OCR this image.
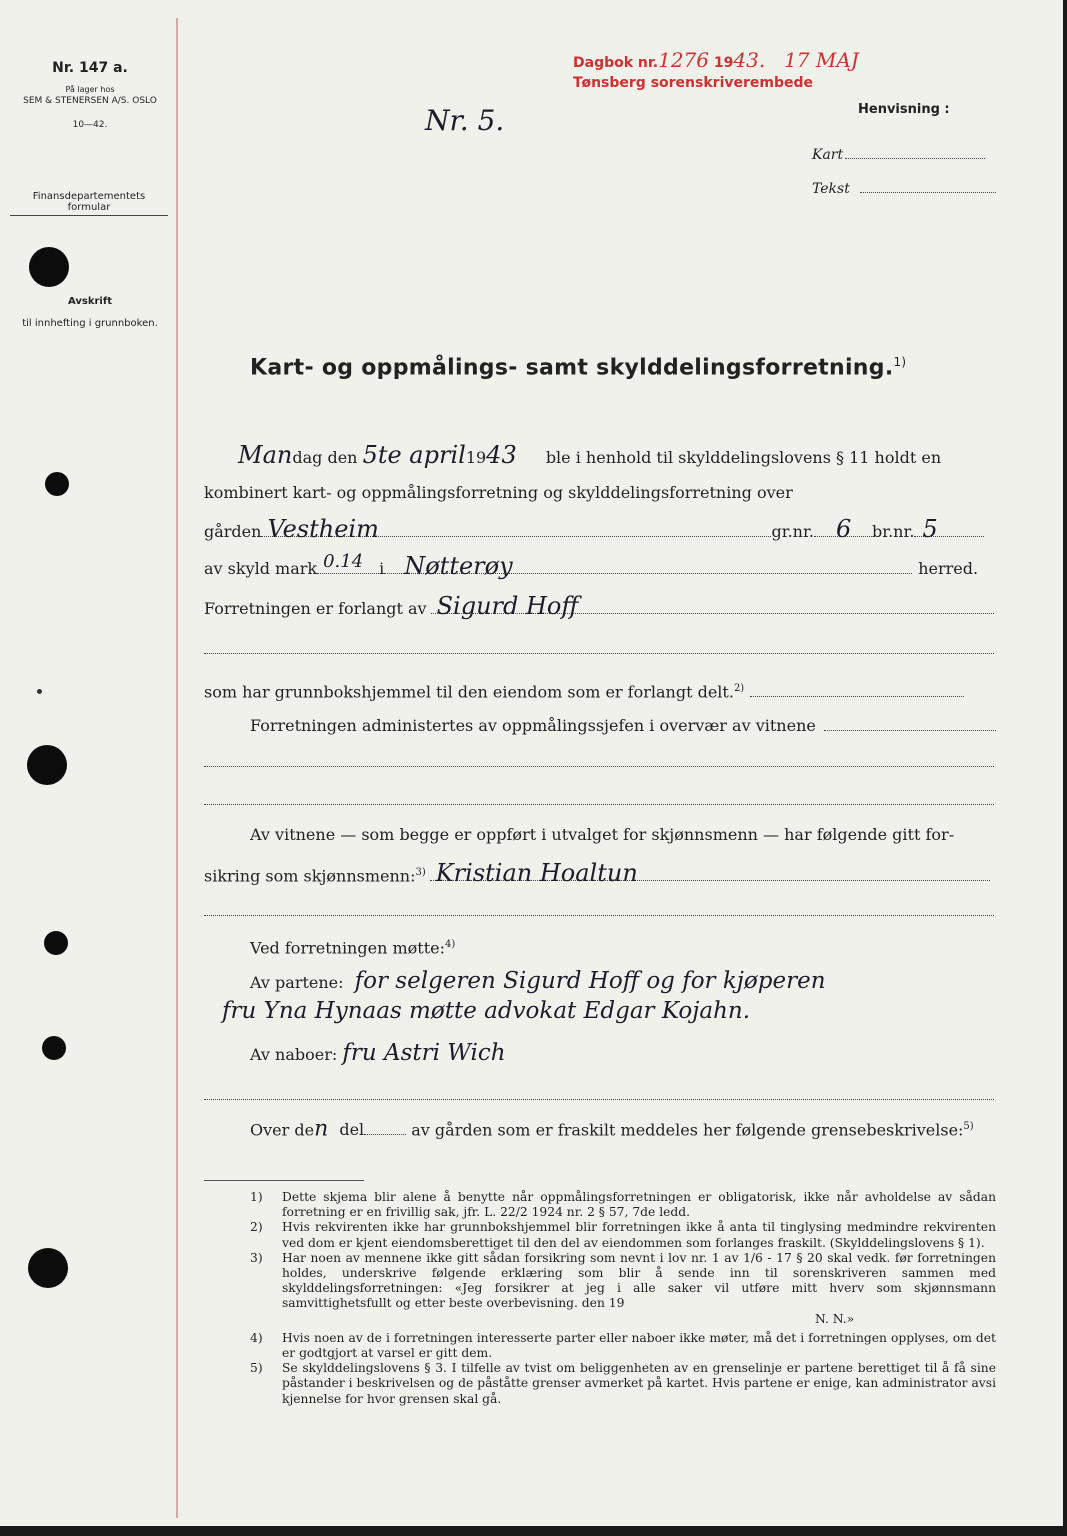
Nr. 147 a.
På lager hos
SEM & STENERSEN A/S. OSLO
10—42.
Finansdepartementets formular
Avskrift
til innhefting i grunnboken.
Dagbok nr.1276 1943. 17 MAJ
Tønsberg sorenskriverembede
Nr. 5.	Henvisning :
Kart
Tekst
Kart- og oppmålings- samt skylddelingsforretning.$^{1)}$
Mandag den 5te april1943 ble i henhold til skylddelingslovens § 11 holdt en
kombinert kart- og oppmålingsforretning og skylddelingsforretning over
gården Vestheim	gr.nr. 6 br.nr. 5
av skyld mark 0.14 i Nøtterøy	herred.
Forretningen er forlangt av Sigurd Hoff
som har grunnbokshjemmel til den eiendom som er forlangt delt.$^{2)}$
Forretningen administertes av oppmålingssjefen i overvær av vitnene
Av vitnene — som begge er oppført i utvalget for skjønnsmenn — har følgende gitt for-
sikring som skjønnsmenn:$^{3)}$ Kristian Hoaltun
Ved forretningen møtte:$^{4)}$
Av partene: for selgeren Sigurd Hoff og for kjøperen
fru Yna Hynaas møtte advokat Edgar Kojahn.
Av naboer: fru Astri Wich
Over den del	av gården som er fraskilt meddeles her følgende grensebeskrivelse:$^{5)}$
1) Dette skjema blir alene å benytte når oppmålingsforretningen er obligatorisk, ikke når avholdelse av sådan forretning er en frivillig sak, jfr. L. 22/2 1924 nr. 2 § 57, 7de ledd.
2) Hvis rekvirenten ikke har grunnbokshjemmel blir forretningen ikke å anta til tinglysing medmindre rekvirenten ved dom er kjent eiendomsberettiget til den del av eiendommen som forlanges fraskilt. (Skylddelingslovens § 1).
3) Har noen av mennene ikke gitt sådan forsikring som nevnt i lov nr. 1 av 1/6 - 17 § 20 skal vedk. før forretningen holdes, underskrive følgende erklæring som blir å sende inn til sorenskriveren sammen med skylddelingsforretningen: «Jeg forsikrer at jeg i alle saker vil utføre mitt hverv som skjønnsmann samvittighetsfullt og etter beste overbevisning. den 19
N. N.»
4) Hvis noen av de i forretningen interesserte parter eller naboer ikke møter, må det i forretningen opplyses, om det er godtgjort at varsel er gitt dem.
5) Se skylddelingslovens § 3. I tilfelle av tvist om beliggenheten av en grenselinje er partene berettiget til å få sine påstander i beskrivelsen og de påståtte grenser avmerket på kartet. Hvis partene er enige, kan administrator avsi kjennelse for hvor grensen skal gå.
